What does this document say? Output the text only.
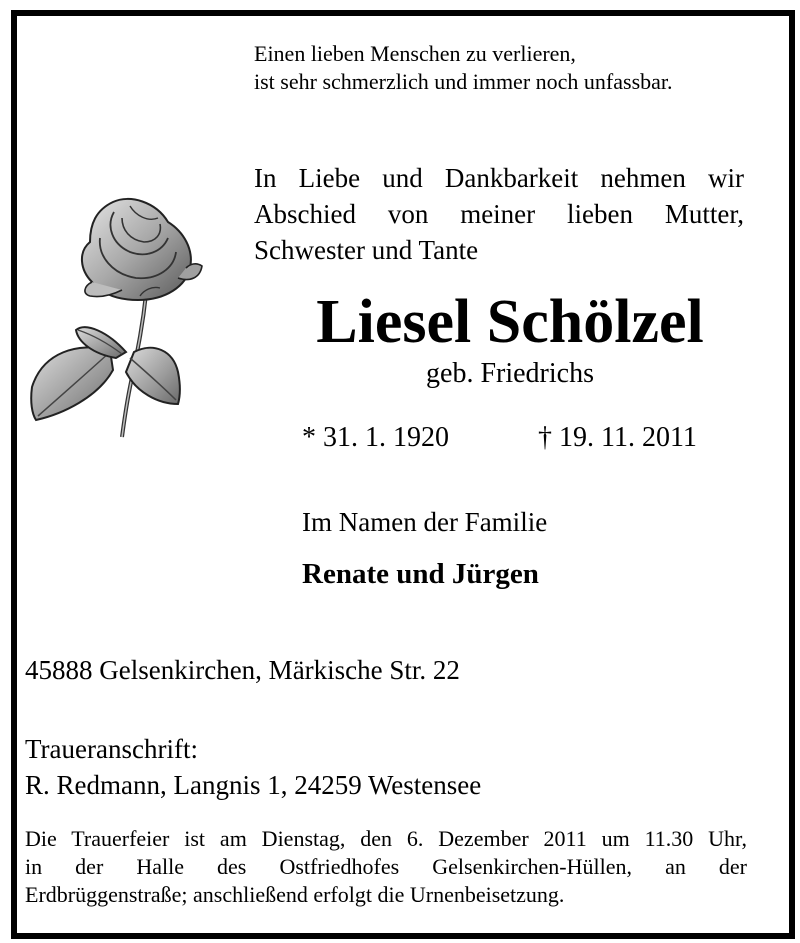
Einen lieben Menschen zu verlieren,
ist sehr schmerzlich und immer noch unfassbar.

In Liebe und Dankbarkeit nehmen wir
Abschied von meiner lieben Mutter,
Schwester und Tante

Liesel Schölzel

geb. Friedrichs

* 31. 1. 1920	† 19. 11. 2011

Im Namen der Familie

Renate und Jürgen

45888 Gelsenkirchen, Märkische Str. 22

Traueranschrift:

R. Redmann, Langnis 1, 24259 Westensee

Die Trauerfeier ist am Dienstag, den 6. Dezember 2011 um 11.30 Uhr,
in der Halle des Ostfriedhofes Gelsenkirchen-Hüllen, an der
Erdbrüggenstraße; anschließend erfolgt die Urnenbeisetzung.
